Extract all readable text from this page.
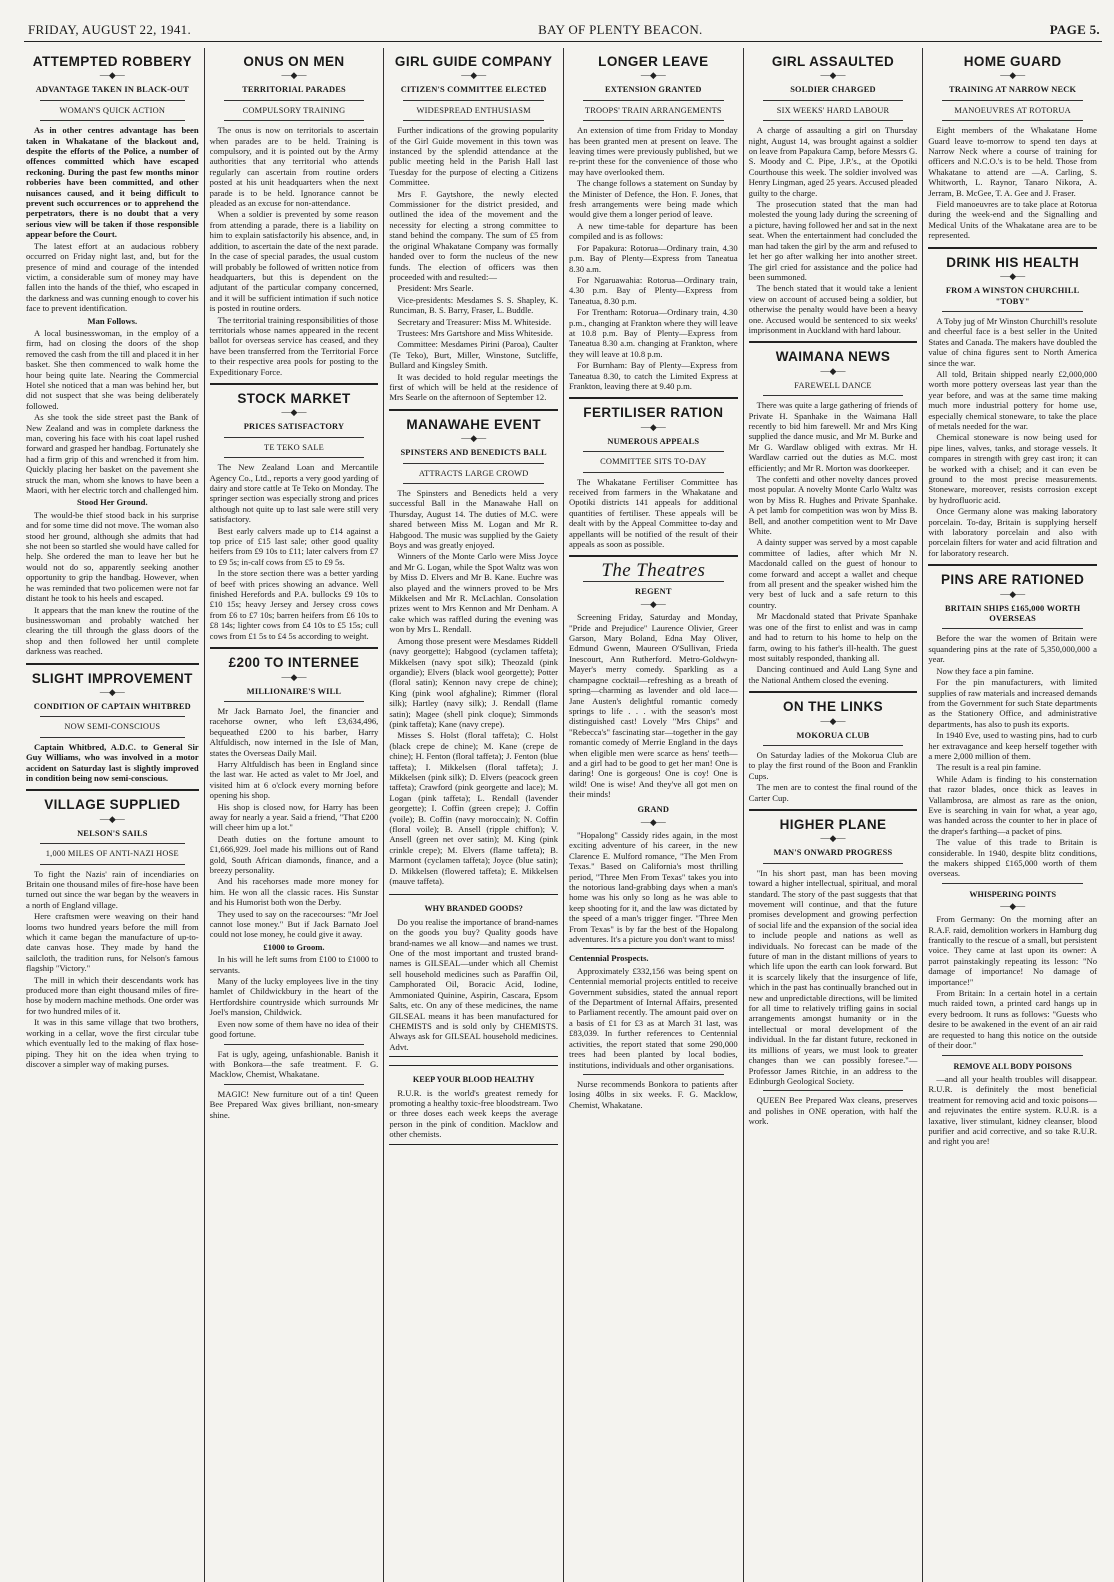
FRIDAY, AUGUST 22, 1941.	BAY OF PLENTY BEACON.	PAGE 5.
ATTEMPTED ROBBERY
—◆—
ADVANTAGE TAKEN IN BLACK-OUT
WOMAN'S QUICK ACTION

As in other centres advantage has been taken in Whakatane of the blackout and, despite the efforts of the Police, a number of offences committed which have escaped reckoning. During the past few months minor robberies have been committed, and other nuisances caused, and it being difficult to prevent such occurrences or to apprehend the perpetrators, there is no doubt that a very serious view will be taken if those responsible appear before the Court.

The latest effort at an audacious robbery occurred on Friday night last, and, but for the presence of mind and courage of the intended victim, a considerable sum of money may have fallen into the hands of the thief, who escaped in the darkness and was cunning enough to cover his face to prevent identification.

Man Follows.

A local businesswoman, in the employ of a firm, had on closing the doors of the shop removed the cash from the till and placed it in her basket. She then commenced to walk home the hour being quite late. Nearing the Commercial Hotel she noticed that a man was behind her, but did not suspect that she was being deliberately followed.

As she took the side street past the Bank of New Zealand and was in complete darkness the man, covering his face with his coat lapel rushed forward and grasped her handbag. Fortunately she had a firm grip of this and wrenched it from him. Quickly placing her basket on the pavement she struck the man, whom she knows to have been a Maori, with her electric torch and challenged him.

Stood Her Ground.

The would-be thief stood back in his surprise and for some time did not move. The woman also stood her ground, although she admits that had she not been so startled she would have called for help. She ordered the man to leave her but he would not do so, apparently seeking another opportunity to grip the handbag. However, when he was reminded that two policemen were not far distant he took to his heels and escaped.

It appears that the man knew the routine of the businesswoman and probably watched her clearing the till through the glass doors of the shop and then followed her until complete darkness was reached.

SLIGHT IMPROVEMENT
—◆—
CONDITION OF CAPTAIN WHITBRED
NOW SEMI-CONSCIOUS

Captain Whitbred, A.D.C. to General Sir Guy Williams, who was involved in a motor accident on Saturday last is slightly improved in condition being now semi-conscious.

VILLAGE SUPPLIED
—◆—
NELSON'S SAILS
1,000 MILES OF ANTI-NAZI HOSE

To fight the Nazis' rain of incendiaries on Britain one thousand miles of fire-hose have been turned out since the war began by the weavers in a north of England village.

Here craftsmen were weaving on their hand looms two hundred years before the mill from which it came began the manufacture of up-to-date canvas hose. They made by hand the sailcloth, the tradition runs, for Nelson's famous flagship "Victory."

The mill in which their descendants work has produced more than eight thousand miles of fire-hose by modern machine methods. One order was for two hundred miles of it.

It was in this same village that two brothers, working in a cellar, wove the first circular tube which eventually led to the making of flax hose-piping. They hit on the idea when trying to discover a simpler way of making purses.

ONUS ON MEN
—◆—
TERRITORIAL PARADES
COMPULSORY TRAINING

The onus is now on territorials to ascertain when parades are to be held. Training is compulsory, and it is pointed out by the Army authorities that any territorial who attends regularly can ascertain from routine orders posted at his unit headquarters when the next parade is to be held. Ignorance cannot be pleaded as an excuse for non-attendance.

When a soldier is prevented by some reason from attending a parade, there is a liability on him to explain satisfactorily his absence, and, in addition, to ascertain the date of the next parade. In the case of special parades, the usual custom will probably be followed of written notice from headquarters, but this is dependent on the adjutant of the particular company concerned, and it will be sufficient intimation if such notice is posted in routine orders.

The territorial training responsibilities of those territorials whose names appeared in the recent ballot for overseas service has ceased, and they have been transferred from the Territorial Force to their respective area pools for posting to the Expeditionary Force.

STOCK MARKET
—◆—
PRICES SATISFACTORY
TE TEKO SALE

The New Zealand Loan and Mercantile Agency Co., Ltd., reports a very good yarding of dairy and store cattle at Te Teko on Monday. The springer section was especially strong and prices although not quite up to last sale were still very satisfactory.

Best early calvers made up to £14 against a top price of £15 last sale; other good quality heifers from £9 10s to £11; later calvers from £7 to £9 5s; in-calf cows from £5 to £9 5s.

In the store section there was a better yarding of beef with prices showing an advance. Well finished Herefords and P.A. bullocks £9 10s to £10 15s; heavy Jersey and Jersey cross cows from £6 to £7 10s; barren heifers from £6 10s to £8 14s; lighter cows from £4 10s to £5 15s; cull cows from £1 5s to £4 5s according to weight.

£200 TO INTERNEE
—◆—
MILLIONAIRE'S WILL

Mr Jack Barnato Joel, the financier and racehorse owner, who left £3,634,496, bequeathed £200 to his barber, Harry Altfuldisch, now interned in the Isle of Man, states the Overseas Daily Mail.

Harry Altfuldisch has been in England since the last war. He acted as valet to Mr Joel, and visited him at 6 o'clock every morning before opening his shop.

His shop is closed now, for Harry has been away for nearly a year. Said a friend, "That £200 will cheer him up a lot."

Death duties on the fortune amount to £1,666,929. Joel made his millions out of Rand gold, South African diamonds, finance, and a breezy personality.

And his racehorses made more money for him. He won all the classic races. His Sunstar and his Humorist both won the Derby.

They used to say on the racecourses: "Mr Joel cannot lose money." But if Jack Barnato Joel could not lose money, he could give it away.

£1000 to Groom.

In his will he left sums from £100 to £1000 to servants.

Many of the lucky employees live in the tiny hamlet of Childwickbury in the heart of the Hertfordshire countryside which surrounds Mr Joel's mansion, Childwick.

Even now some of them have no idea of their good fortune.

Fat is ugly, ageing, unfashionable. Banish it with Bonkora—the safe treatment. F. G. Macklow, Chemist, Whakatane.

MAGIC! New furniture out of a tin! Queen Bee Prepared Wax gives brilliant, non-smeary shine.

GIRL GUIDE COMPANY
—◆—
CITIZEN'S COMMITTEE ELECTED
WIDESPREAD ENTHUSIASM

Further indications of the growing popularity of the Girl Guide movement in this town was instanced by the splendid attendance at the public meeting held in the Parish Hall last Tuesday for the purpose of electing a Citizens Committee.

Mrs F. Gaytshore, the newly elected Commissioner for the district presided, and outlined the idea of the movement and the necessity for electing a strong committee to stand behind the company. The sum of £5 from the original Whakatane Company was formally handed over to form the nucleus of the new funds. The election of officers was then proceeded with and resulted:—

President: Mrs Searle.

Vice-presidents: Mesdames S. S. Shapley, K. Runciman, B. S. Barry, Fraser, L. Buddle.

Secretary and Treasurer: Miss M. Whiteside.

Trustees: Mrs Gartshore and Miss Whiteside.

Committee: Mesdames Pirini (Paroa), Caulter (Te Teko), Burt, Miller, Winstone, Sutcliffe, Bullard and Kingsley Smith.

It was decided to hold regular meetings the first of which will be held at the residence of Mrs Searle on the afternoon of September 12.

MANAWAHE EVENT
—◆—
SPINSTERS AND BENEDICTS BALL
ATTRACTS LARGE CROWD

The Spinsters and Benedicts held a very successful Ball in the Manawahe Hall on Thursday, August 14. The duties of M.C. were shared between Miss M. Logan and Mr R. Habgood. The music was supplied by the Gaiety Boys and was greatly enjoyed.

Winners of the Monte Carlo were Miss Joyce and Mr G. Logan, while the Spot Waltz was won by Miss D. Elvers and Mr B. Kane. Euchre was also played and the winners proved to be Mrs Mikkelsen and Mr R. McLachlan. Consolation prizes went to Mrs Kennon and Mr Denham. A cake which was raffled during the evening was won by Mrs L. Rendall.

Among those present were Mesdames Riddell (navy georgette); Habgood (cyclamen taffeta); Mikkelsen (navy spot silk); Theozald (pink organdie); Elvers (black wool georgette); Potter (floral satin); Kennon navy crepe de chine); King (pink wool afghaline); Rimmer (floral silk); Hartley (navy silk); J. Rendall (flame satin); Magee (shell pink cloque); Simmonds (pink taffeta); Kane (navy crepe).

Misses S. Holst (floral taffeta); C. Holst (black crepe de chine); M. Kane (crepe de chine); H. Fenton (floral taffeta); J. Fenton (blue taffeta); I. Mikkelsen (floral taffeta); J. Mikkelsen (pink silk); D. Elvers (peacock green taffeta); Crawford (pink georgette and lace); M. Logan (pink taffeta); L. Rendall (lavender georgette); I. Coffin (green crepe); J. Coffin (voile); B. Coffin (navy moroccain); N. Coffin (floral voile); B. Ansell (ripple chiffon); V. Ansell (green net over satin); M. King (pink crinkle crepe); M. Elvers (flame taffeta); B. Marmont (cyclamen taffeta); Joyce (blue satin); D. Mikkelsen (flowered taffeta); E. Mikkelsen (mauve taffeta).

WHY BRANDED GOODS?

Do you realise the importance of brand-names on the goods you buy? Quality goods have brand-names we all know—and names we trust. One of the most important and trusted brand-names is GILSEAL—under which all Chemist sell household medicines such as Paraffin Oil, Camphorated Oil, Boracic Acid, Iodine, Ammoniated Quinine, Aspirin, Cascara, Epsom Salts, etc. On any of these medicines, the name GILSEAL means it has been manufactured for CHEMISTS and is sold only by CHEMISTS. Always ask for GILSEAL household medicines. Advt.

KEEP YOUR BLOOD HEALTHY

R.U.R. is the world's greatest remedy for promoting a healthy toxic-free bloodstream. Two or three doses each week keeps the average person in the pink of condition. Macklow and other chemists.

LONGER LEAVE
—◆—
EXTENSION GRANTED
TROOPS' TRAIN ARRANGEMENTS

An extension of time from Friday to Monday has been granted men at present on leave. The leaving times were previously published, but we re-print these for the convenience of those who may have overlooked them.

The change follows a statement on Sunday by the Minister of Defence, the Hon. F. Jones, that fresh arrangements were being made which would give them a longer period of leave.

A new time-table for departure has been compiled and is as follows:

For Papakura: Rotorua—Ordinary train, 4.30 p.m. Bay of Plenty—Express from Taneatua 8.30 a.m.

For Ngaruawahia: Rotorua—Ordinary train, 4.30 p.m. Bay of Plenty—Express from Taneatua, 8.30 p.m.

For Trentham: Rotorua—Ordinary train, 4.30 p.m., changing at Frankton where they will leave at 10.8 p.m. Bay of Plenty—Express from Taneatua 8.30 a.m. changing at Frankton, where they will leave at 10.8 p.m.

For Burnham: Bay of Plenty—Express from Taneatua 8.30, to catch the Limited Express at Frankton, leaving there at 9.40 p.m.

FERTILISER RATION
—◆—
NUMEROUS APPEALS
COMMITTEE SITS TO-DAY

The Whakatane Fertiliser Committee has received from farmers in the Whakatane and Opotiki districts 141 appeals for additional quantities of fertiliser. These appeals will be dealt with by the Appeal Committee to-day and appellants will be notified of the result of their appeals as soon as possible.

The Theatres
REGENT
—◆—

Screening Friday, Saturday and Monday, "Pride and Prejudice" Laurence Olivier, Greer Garson, Mary Boland, Edna May Oliver, Edmund Gwenn, Maureen O'Sullivan, Frieda Inescourt, Ann Rutherford. Metro-Goldwyn-Mayer's merry comedy. Sparkling as a champagne cocktail—refreshing as a breath of spring—charming as lavender and old lace—Jane Austen's delightful romantic comedy springs to life . . . with the season's most distinguished cast! Lovely "Mrs Chips" and "Rebecca's" fascinating star—together in the gay romantic comedy of Merrie England in the days when eligible men were scarce as hens' teeth—and a girl had to be good to get her man! One is daring! One is gorgeous! One is coy! One is wild! One is wise! And they've all got men on their minds!

GRAND
—◆—

"Hopalong" Cassidy rides again, in the most exciting adventure of his career, in the new Clarence E. Mulford romance, "The Men From Texas." Based on California's most thrilling period, "Three Men From Texas" takes you into the notorious land-grabbing days when a man's home was his only so long as he was able to keep shooting for it, and the law was dictated by the speed of a man's trigger finger. "Three Men From Texas" is by far the best of the Hopalong adventures. It's a picture you don't want to miss!

Centennial Prospects.

Approximately £332,156 was being spent on Centennial memorial projects entitled to receive Government subsidies, stated the annual report of the Department of Internal Affairs, presented to Parliament recently. The amount paid over on a basis of £1 for £3 as at March 31 last, was £83,039. In further references to Centennial activities, the report stated that some 290,000 trees had been planted by local bodies, institutions, individuals and other organisations.

Nurse recommends Bonkora to patients after losing 40lbs in six weeks. F. G. Macklow, Chemist, Whakatane.

GIRL ASSAULTED
—◆—
SOLDIER CHARGED
SIX WEEKS' HARD LABOUR

A charge of assaulting a girl on Thursday night, August 14, was brought against a soldier on leave from Papakura Camp, before Messrs G. S. Moody and C. Pipe, J.P.'s., at the Opotiki Courthouse this week. The soldier involved was Henry Lingman, aged 25 years. Accused pleaded guilty to the charge.

The prosecution stated that the man had molested the young lady during the screening of a picture, having followed her and sat in the next seat. When the entertainment had concluded the man had taken the girl by the arm and refused to let her go after walking her into another street. The girl cried for assistance and the police had been summoned.

The bench stated that it would take a lenient view on account of accused being a soldier, but otherwise the penalty would have been a heavy one. Accused would be sentenced to six weeks' imprisonment in Auckland with hard labour.

WAIMANA NEWS
—◆—
FAREWELL DANCE

There was quite a large gathering of friends of Private H. Spanhake in the Waimana Hall recently to bid him farewell. Mr and Mrs King supplied the dance music, and Mr M. Burke and Mr G. Wardlaw obliged with extras. Mr H. Wardlaw carried out the duties as M.C. most efficiently; and Mr R. Morton was doorkeeper.

The confetti and other novelty dances proved most popular. A novelty Monte Carlo Waltz was won by Miss R. Hughes and Private Spanhake. A pet lamb for competition was won by Miss B. Bell, and another competition went to Mr Dave White.

A dainty supper was served by a most capable committee of ladies, after which Mr N. Macdonald called on the guest of honour to come forward and accept a wallet and cheque from all present and the speaker wished him the very best of luck and a safe return to this country.

Mr Macdonald stated that Private Spanhake was one of the first to enlist and was in camp and had to return to his home to help on the farm, owing to his father's ill-health. The guest most suitably responded, thanking all.

Dancing continued and Auld Lang Syne and the National Anthem closed the evening.

ON THE LINKS
—◆—
MOKORUA CLUB

On Saturday ladies of the Mokorua Club are to play the first round of the Boon and Franklin Cups.

The men are to contest the final round of the Carter Cup.

HIGHER PLANE
—◆—
MAN'S ONWARD PROGRESS

"In his short past, man has been moving toward a higher intellectual, spiritual, and moral standard. The story of the past suggests that that movement will continue, and that the future promises development and growing perfection of social life and the expansion of the social idea to include people and nations as well as individuals. No forecast can be made of the future of man in the distant millions of years to which life upon the earth can look forward. But it is scarcely likely that the insurgence of life, which in the past has continually branched out in new and unpredictable directions, will be limited for all time to relatively trifling gains in social arrangements amongst humanity or in the intellectual or moral development of the individual. In the far distant future, reckoned in its millions of years, we must look to greater changes than we can possibly foresee."—Professor James Ritchie, in an address to the Edinburgh Geological Society.

QUEEN Bee Prepared Wax cleans, preserves and polishes in ONE operation, with half the work.

HOME GUARD
—◆—
TRAINING AT NARROW NECK
MANOEUVRES AT ROTORUA

Eight members of the Whakatane Home Guard leave to-morrow to spend ten days at Narrow Neck where a course of training for officers and N.C.O.'s is to be held. Those from Whakatane to attend are —A. Carling, S. Whitworth, L. Raynor, Tanaro Nikora, A. Jerram, B. McGee, T. A. Gee and J. Fraser.

Field manoeuvres are to take place at Rotorua during the week-end and the Signalling and Medical Units of the Whakatane area are to be represented.

DRINK HIS HEALTH
—◆—
FROM A WINSTON CHURCHILL "TOBY"

A Toby jug of Mr Winston Churchill's resolute and cheerful face is a best seller in the United States and Canada. The makers have doubled the value of china figures sent to North America since the war.

All told, Britain shipped nearly £2,000,000 worth more pottery overseas last year than the year before, and was at the same time making much more industrial pottery for home use, especially chemical stoneware, to take the place of metals needed for the war.

Chemical stoneware is now being used for pipe lines, valves, tanks, and storage vessels. It compares in strength with grey cast iron; it can be worked with a chisel; and it can even be ground to the most precise measurements. Stoneware, moreover, resists corrosion except by hydrofluoric acid.

Once Germany alone was making laboratory porcelain. To-day, Britain is supplying herself with laboratory porcelain and also with porcelain filters for water and acid filtration and for laboratory research.

PINS ARE RATIONED
—◆—
BRITAIN SHIPS £165,000 WORTH OVERSEAS

Before the war the women of Britain were squandering pins at the rate of 5,350,000,000 a year.

Now they face a pin famine.

For the pin manufacturers, with limited supplies of raw materials and increased demands from the Government for such State departments as the Stationery Office, and administrative departments, has also to push its exports.

In 1940 Eve, used to wasting pins, had to curb her extravagance and keep herself together with a mere 2,000 million of them.

The result is a real pin famine.

While Adam is finding to his consternation that razor blades, once thick as leaves in Vallambrosa, are almost as rare as the onion, Eve is searching in vain for what, a year ago, was handed across the counter to her in place of the draper's farthing—a packet of pins.

The value of this trade to Britain is considerable. In 1940, despite blitz conditions, the makers shipped £165,000 worth of them overseas.

WHISPERING POINTS
—◆—

From Germany: On the morning after an R.A.F. raid, demolition workers in Hamburg dug frantically to the rescue of a small, but persistent voice. They came at last upon its owner: A parrot painstakingly repeating its lesson: "No damage of importance! No damage of importance!"

From Britain: In a certain hotel in a certain much raided town, a printed card hangs up in every bedroom. It runs as follows: "Guests who desire to be awakened in the event of an air raid are requested to hang this notice on the outside of their door."

REMOVE ALL BODY POISONS

—and all your health troubles will disappear. R.U.R. is definitely the most beneficial treatment for removing acid and toxic poisons—and rejuvinates the entire system. R.U.R. is a laxative, liver stimulant, kidney cleanser, blood purifier and acid corrective, and so take R.U.R. and right you are!
